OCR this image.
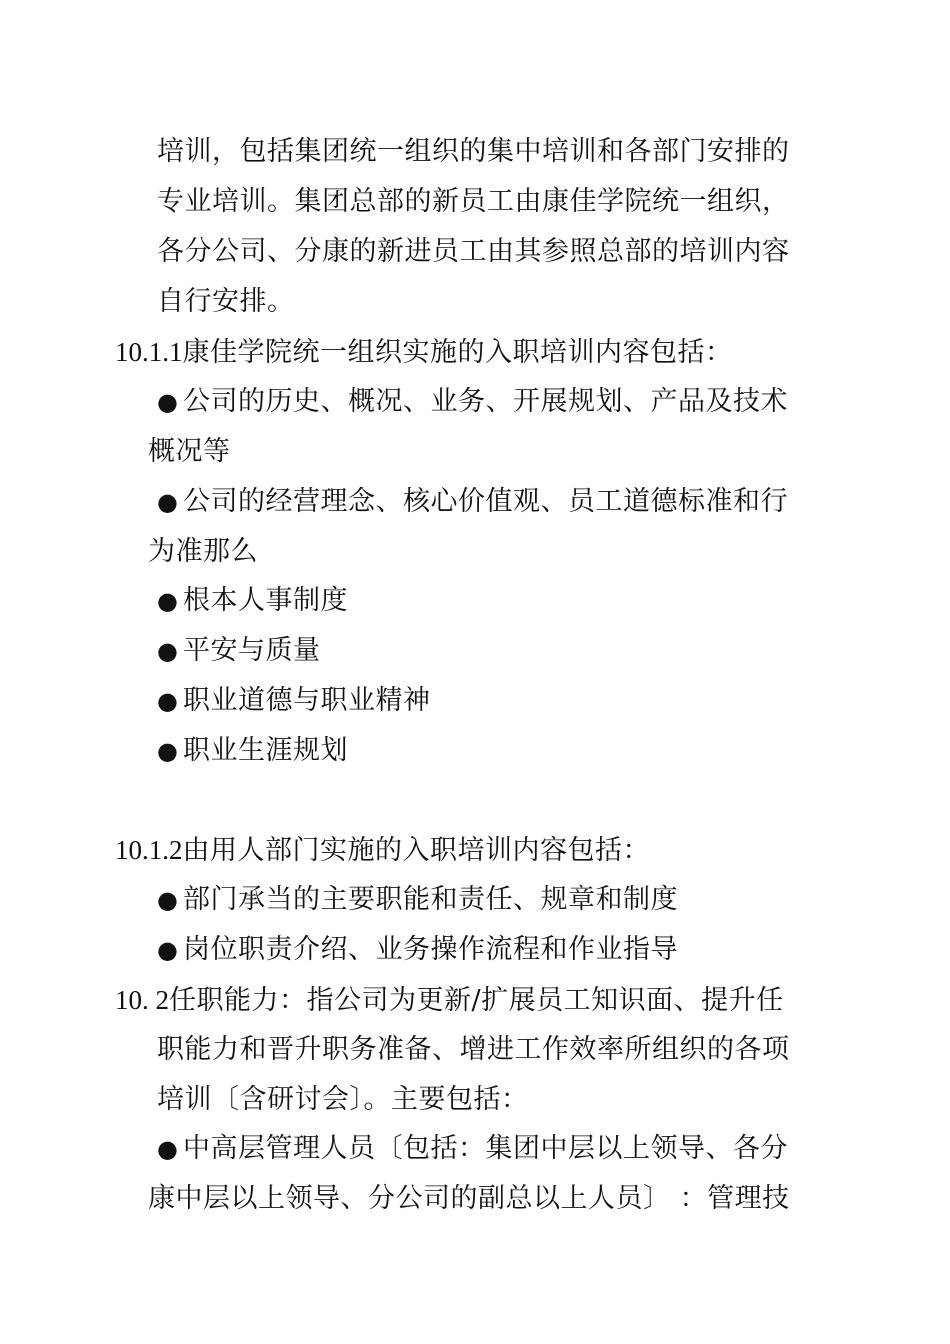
培训，包括集团统一组织的集中培训和各部门安排的
专业培训。集团总部的新员工由康佳学院统一组织，
各分公司、分康的新进员工由其参照总部的培训内容
自行安排。
10.1.1康佳学院统一组织实施的入职培训内容包括：
● 公司的历史、概况、业务、开展规划、产品及技术
概况等
● 公司的经营理念、核心价值观、员工道德标准和行
为准那么
● 根本人事制度
● 平安与质量
● 职业道德与职业精神
● 职业生涯规划
10.1.2由用人部门实施的入职培训内容包括：
● 部门承当的主要职能和责任、规章和制度
● 岗位职责介绍、业务操作流程和作业指导
10. 2任职能力：指公司为更新/扩展员工知识面、提升任
职能力和晋升职务准备、增进工作效率所组织的各项
培训〔含研讨会〕。主要包括：
● 中高层管理人员〔包括：集团中层以上领导、各分
康中层以上领导、分公司的副总以上人员〕 ：管理技
